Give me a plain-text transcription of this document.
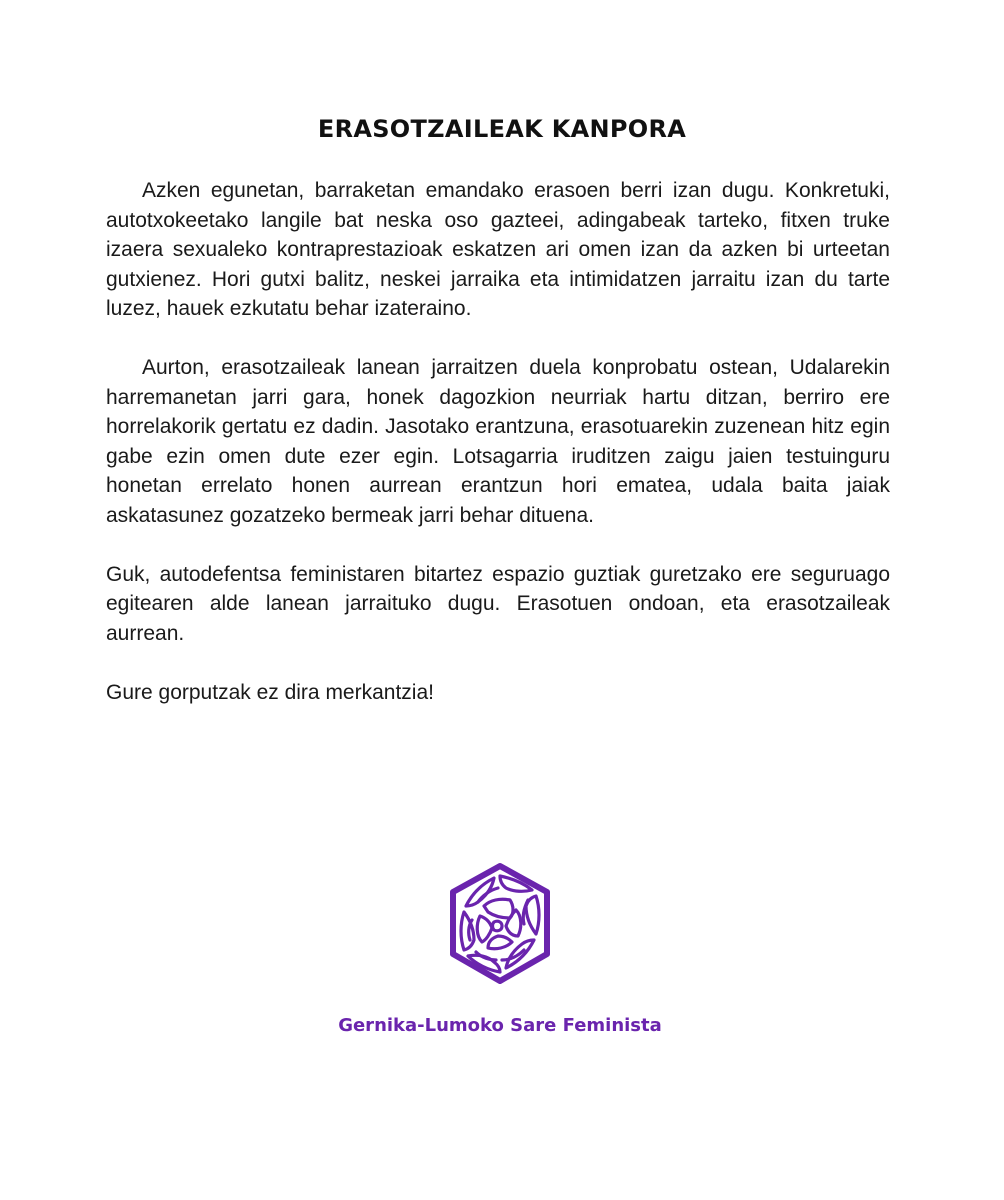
ERASOTZAILEAK KANPORA

Azken egunetan, barraketan emandako erasoen berri izan dugu. Konkretuki, autotxokeetako langile bat neska oso gazteei, adingabeak tarteko, fitxen truke izaera sexualeko kontraprestazioak eskatzen ari omen izan da azken bi urteetan gutxienez. Hori gutxi balitz, neskei jarraika eta intimidatzen jarraitu izan du tarte luzez, hauek ezkutatu behar izateraino.

Aurton, erasotzaileak lanean jarraitzen duela konprobatu ostean, Udalarekin harremanetan jarri gara, honek dagozkion neurriak hartu ditzan, berriro ere horrelakorik gertatu ez dadin. Jasotako erantzuna, erasotuarekin zuzenean hitz egin gabe ezin omen dute ezer egin. Lotsagarria iruditzen zaigu jaien testuinguru honetan errelato honen aurrean erantzun hori ematea, udala baita jaiak askatasunez gozatzeko bermeak jarri behar dituena.

Guk, autodefentsa feministaren bitartez espazio guztiak guretzako ere seguruago egitearen alde lanean jarraituko dugu. Erasotuen ondoan, eta erasotzaileak aurrean.

Gure gorputzak ez dira merkantzia!

Gernika-Lumoko Sare Feminista
